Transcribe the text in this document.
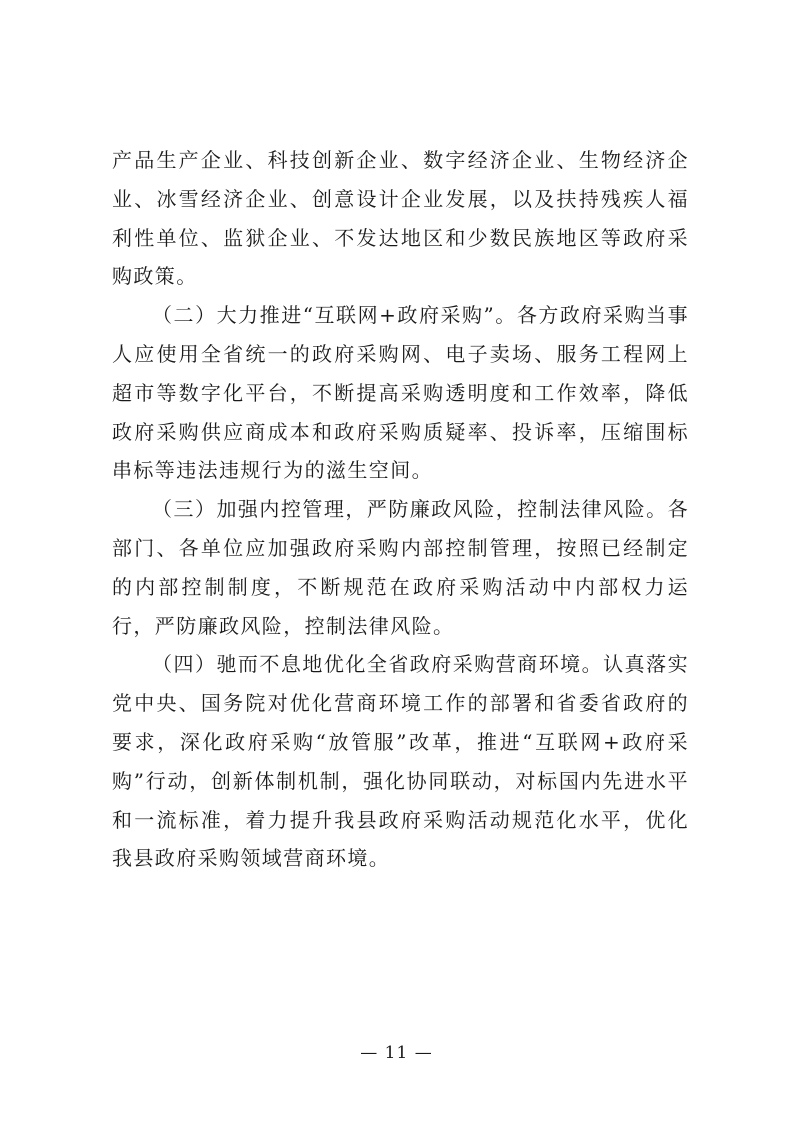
产品生产企业、科技创新企业、数字经济企业、生物经济企业、冰雪经济企业、创意设计企业发展，以及扶持残疾人福利性单位、监狱企业、不发达地区和少数民族地区等政府采购政策。

（二）大力推进“互联网+政府采购”。各方政府采购当事人应使用全省统一的政府采购网、电子卖场、服务工程网上超市等数字化平台，不断提高采购透明度和工作效率，降低政府采购供应商成本和政府采购质疑率、投诉率，压缩围标串标等违法违规行为的滋生空间。

（三）加强内控管理，严防廉政风险，控制法律风险。各部门、各单位应加强政府采购内部控制管理，按照已经制定的内部控制制度，不断规范在政府采购活动中内部权力运行，严防廉政风险，控制法律风险。

（四）驰而不息地优化全省政府采购营商环境。认真落实党中央、国务院对优化营商环境工作的部署和省委省政府的要求，深化政府采购“放管服”改革，推进“互联网+政府采购”行动，创新体制机制，强化协同联动，对标国内先进水平和一流标准，着力提升我县政府采购活动规范化水平，优化我县政府采购领域营商环境。

— 11 —
